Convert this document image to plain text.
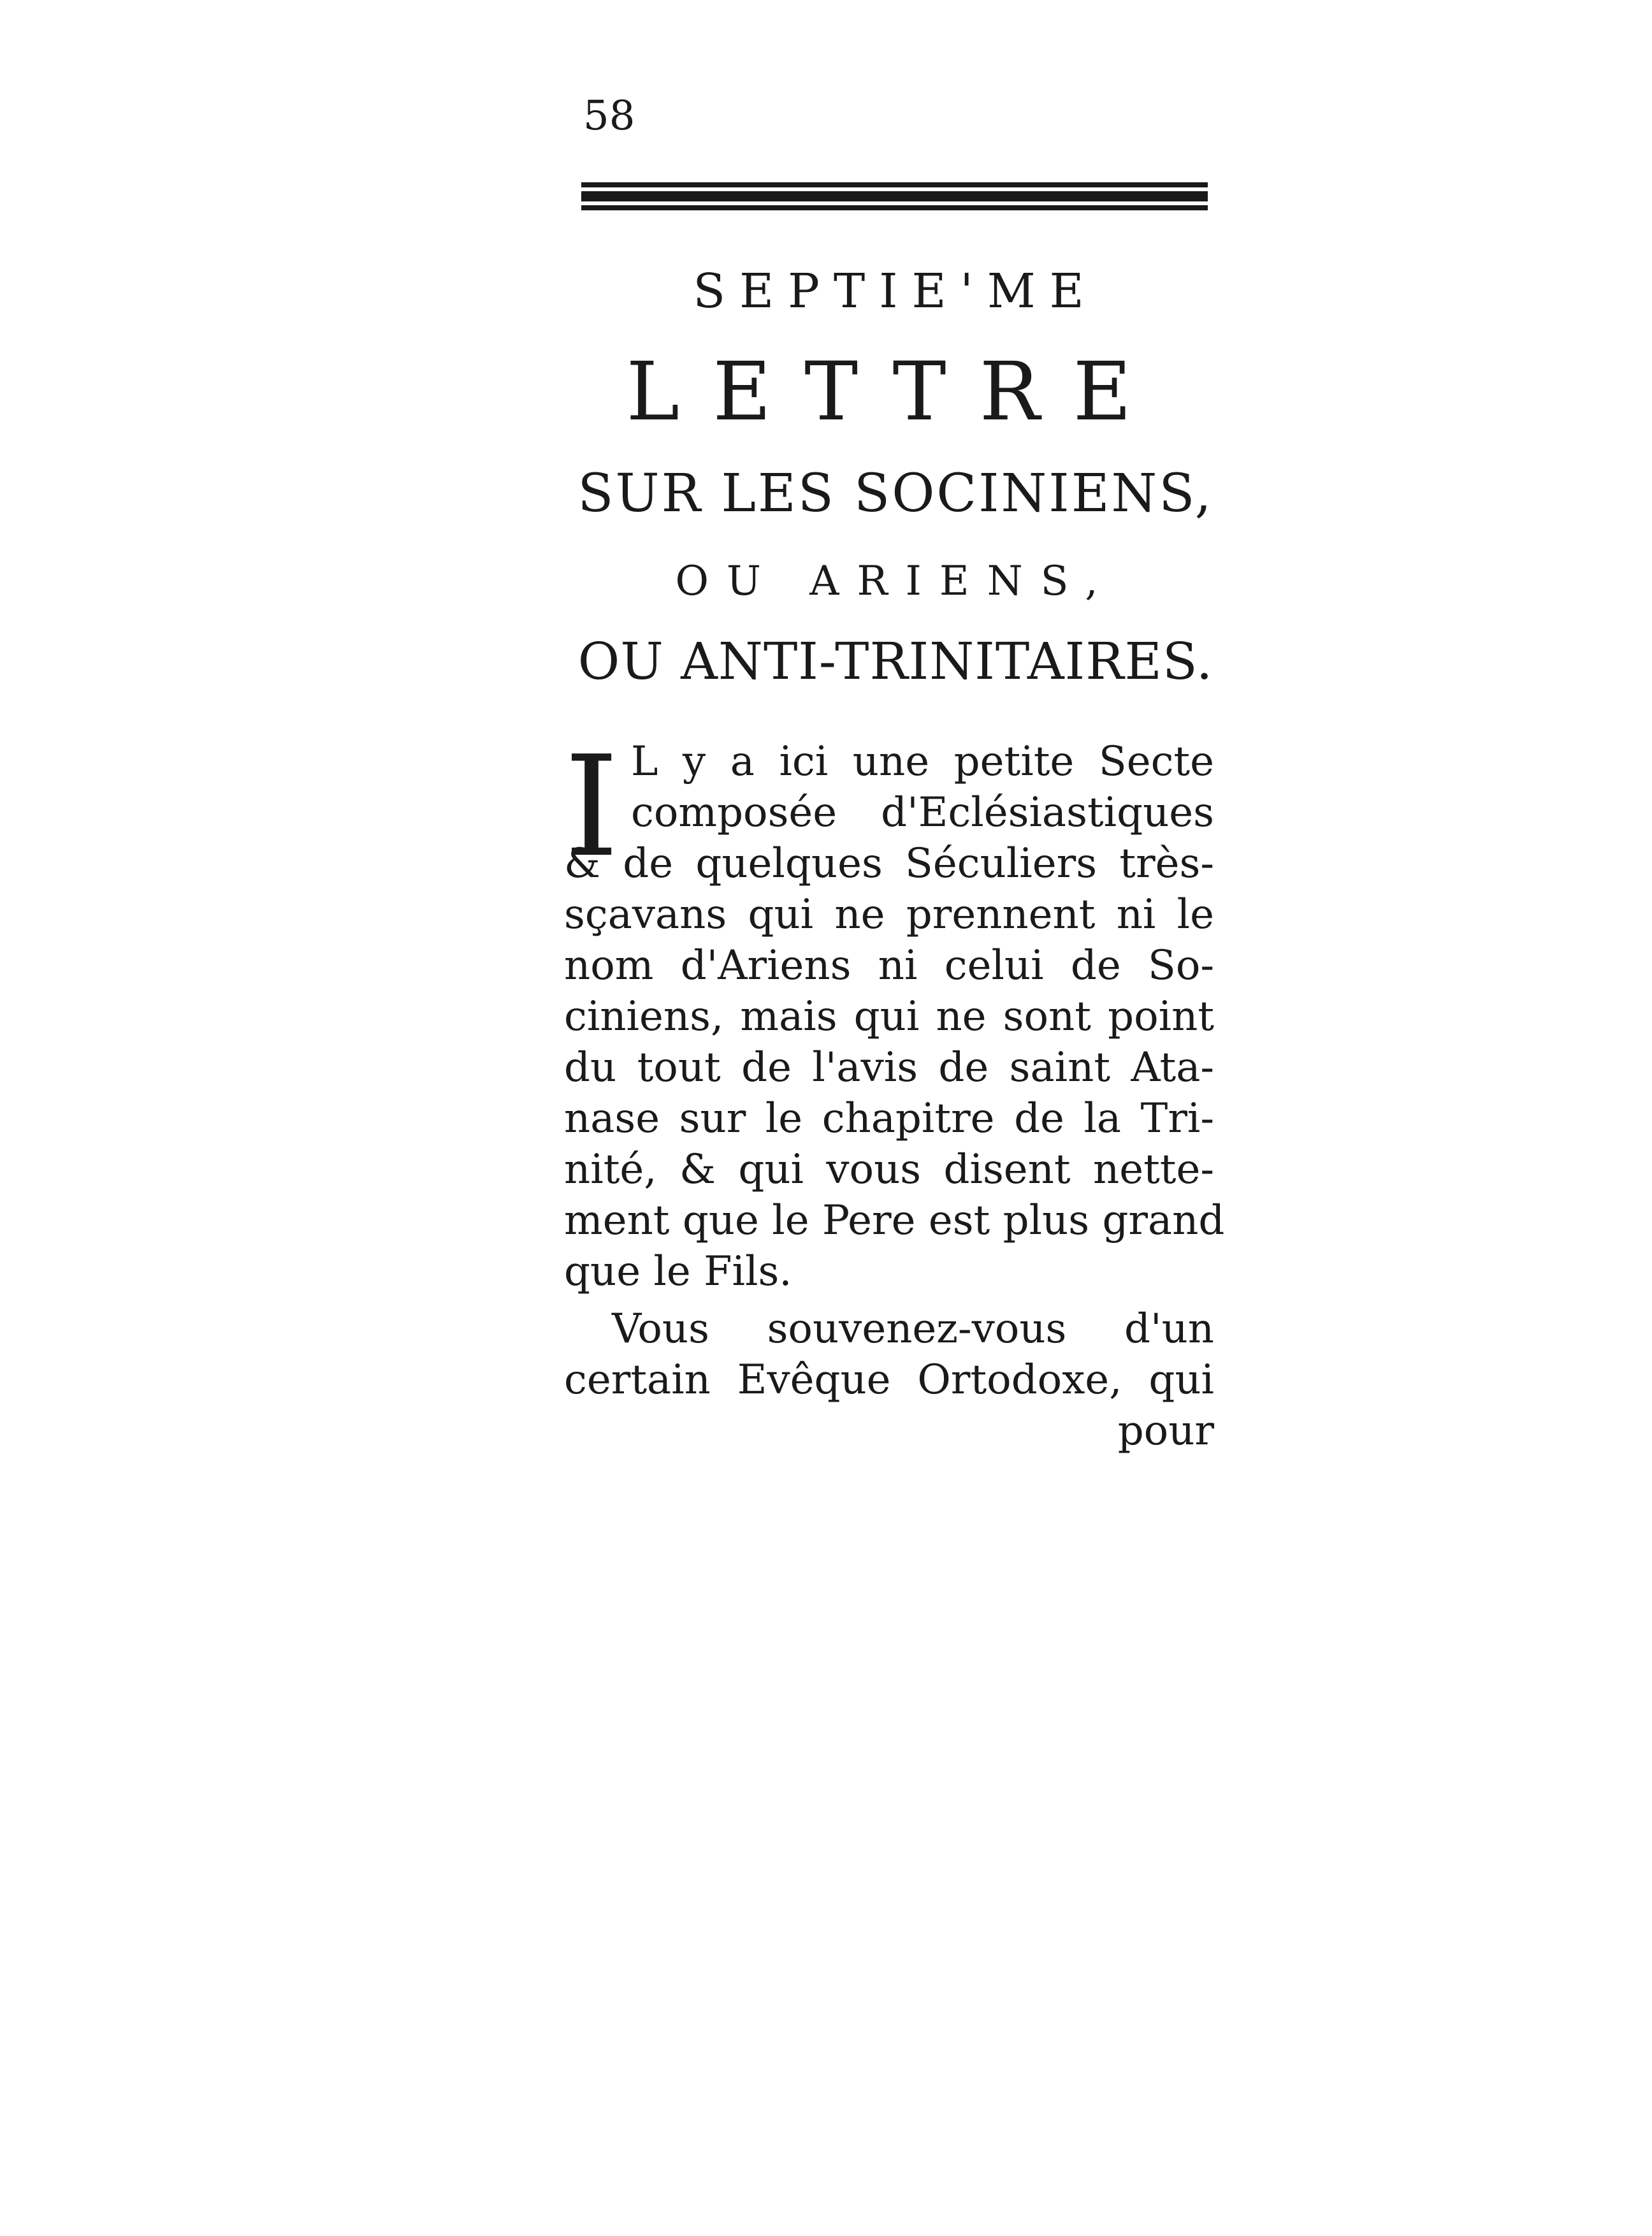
58
SEPTIE'ME
LETTRE
SUR LES SOCINIENS,
OU ARIENS,
OU ANTI-TRINITAIRES.
I L y a ici une petite Secte
composée d'Eclésiastiques
& de quelques Séculiers très-
sçavans qui ne prennent ni le
nom d'Ariens ni celui de So-
ciniens, mais qui ne sont point
du tout de l'avis de saint Ata-
nase sur le chapitre de la Tri-
nité, & qui vous disent nette-
ment que le Pere est plus grand
que le Fils.
Vous souvenez-vous d'un
certain Evêque Ortodoxe, qui
pour
